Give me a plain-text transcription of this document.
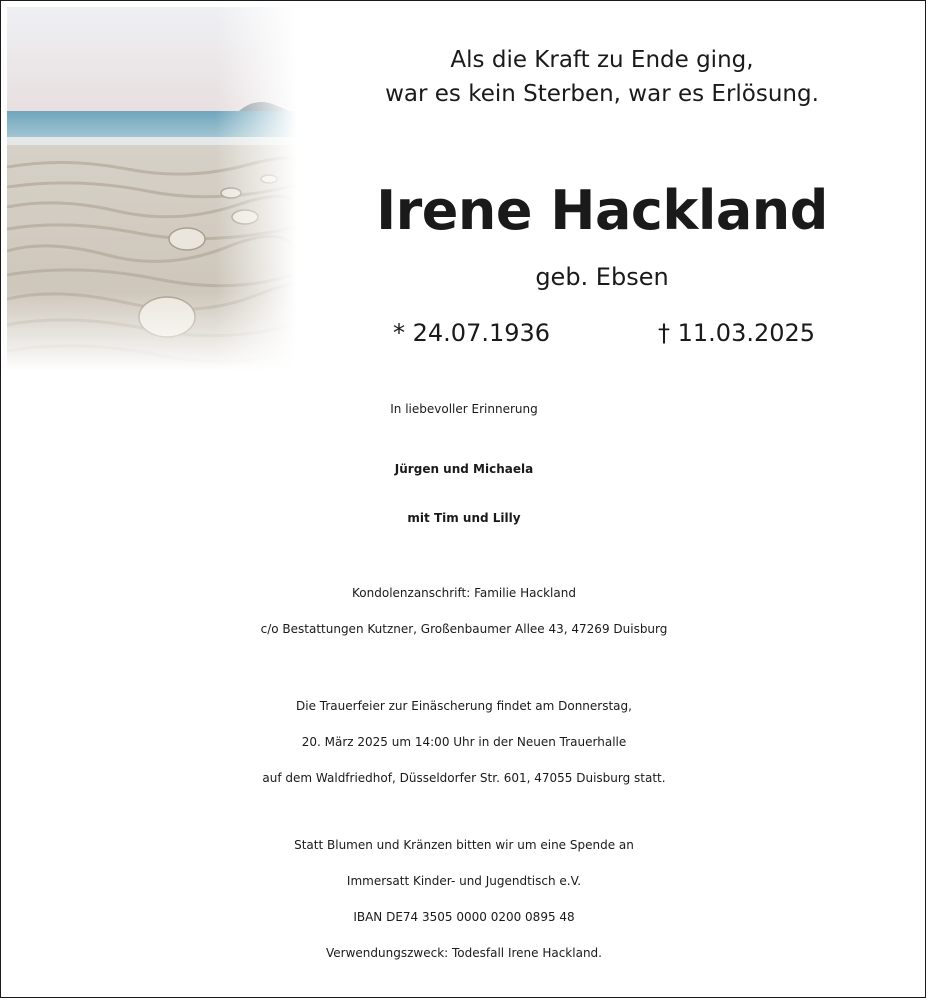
Als die Kraft zu Ende ging,
war es kein Sterben, war es Erlösung.
Irene Hackland
geb. Ebsen
* 24.07.1936	† 11.03.2025
In liebevoller Erinnerung
Jürgen und Michaela
mit Tim und Lilly
Kondolenzanschrift: Familie Hackland
c/o Bestattungen Kutzner, Großenbaumer Allee 43, 47269 Duisburg
Die Trauerfeier zur Einäscherung findet am Donnerstag,
20. März 2025 um 14:00 Uhr in der Neuen Trauerhalle
auf dem Waldfriedhof, Düsseldorfer Str. 601, 47055 Duisburg statt.
Statt Blumen und Kränzen bitten wir um eine Spende an
Immersatt Kinder- und Jugendtisch e.V.
IBAN DE74 3505 0000 0200 0895 48
Verwendungszweck: Todesfall Irene Hackland.
